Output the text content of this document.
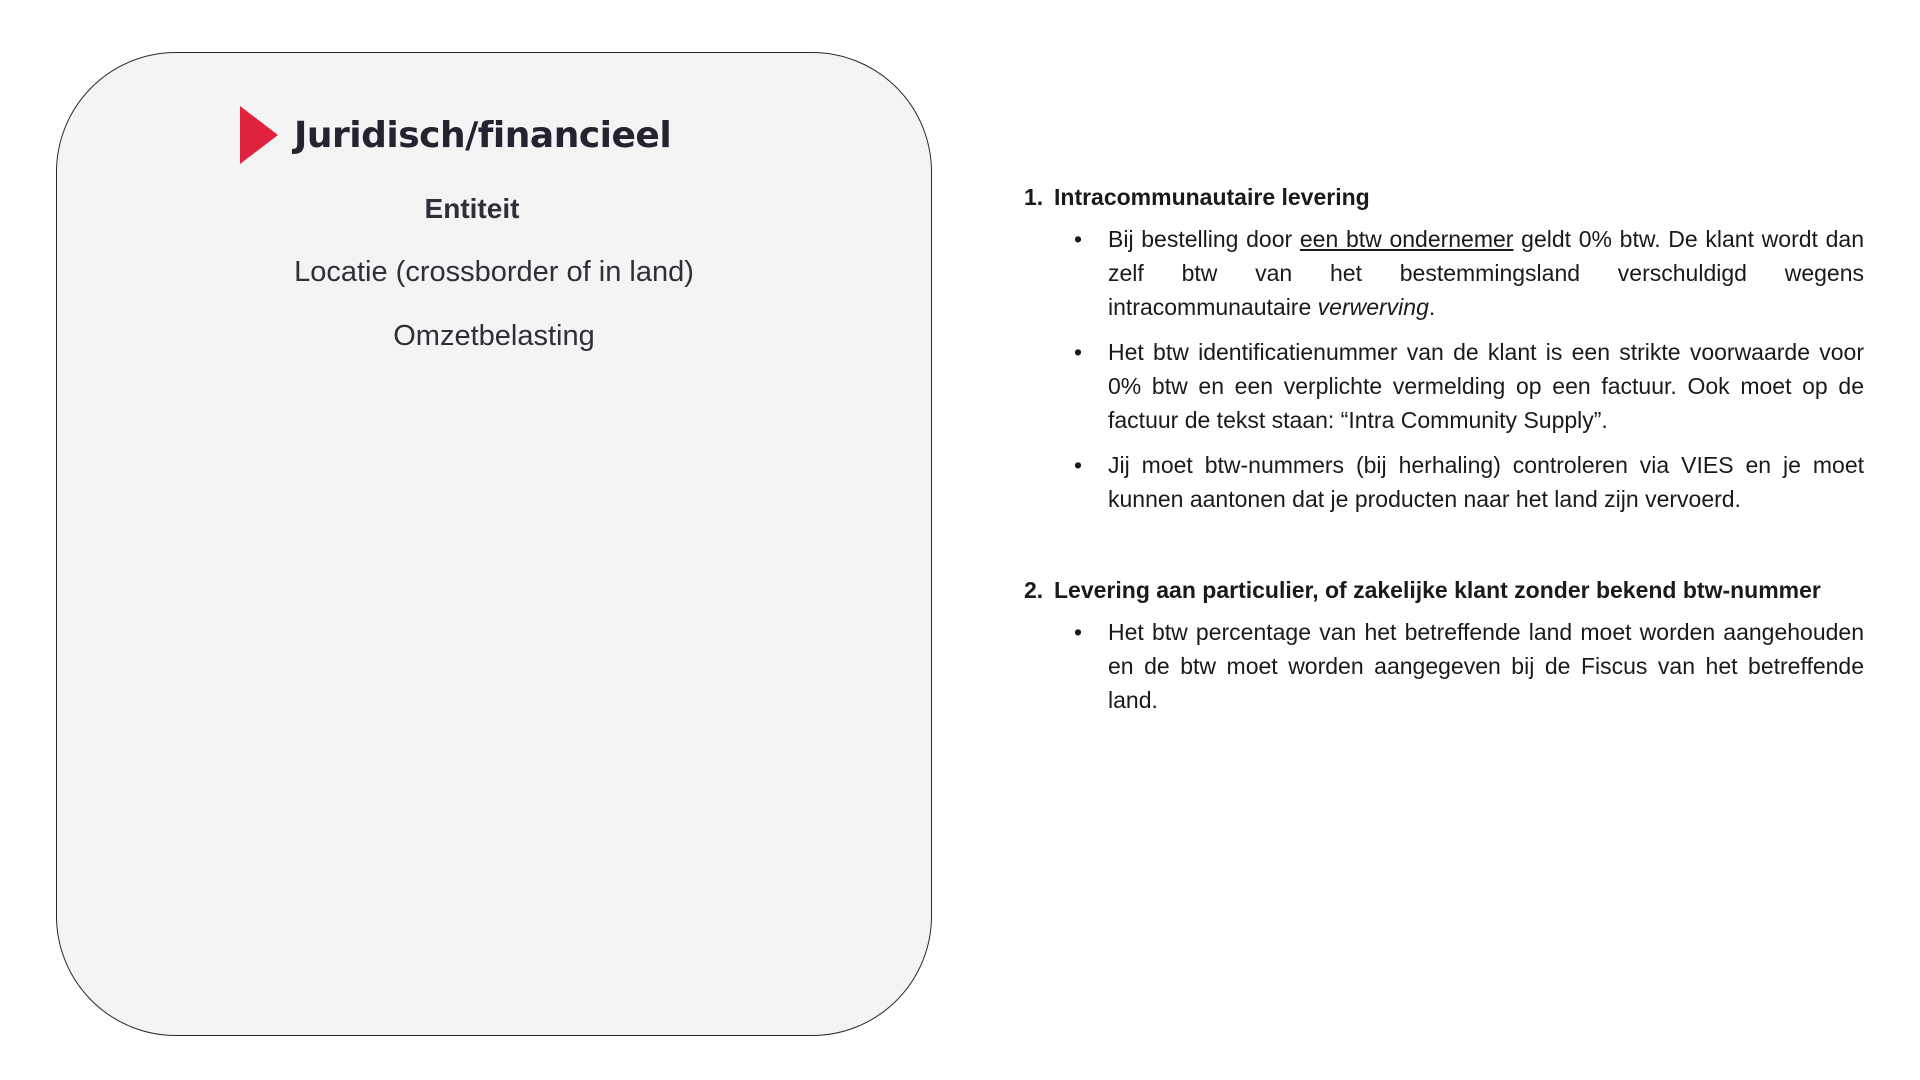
Juridisch/financieel
Entiteit
Locatie (crossborder of in land)
Omzetbelasting
1. Intracommunautaire levering
• Bij bestelling door een btw ondernemer geldt 0% btw. De klant wordt dan zelf btw van het bestemmingsland verschuldigd wegens intracommunautaire verwerving.
• Het btw identificatienummer van de klant is een strikte voorwaarde voor 0% btw en een verplichte vermelding op een factuur. Ook moet op de factuur de tekst staan: “Intra Community Supply”.
• Jij moet btw-nummers (bij herhaling) controleren via VIES en je moet kunnen aantonen dat je producten naar het land zijn vervoerd.
2. Levering aan particulier, of zakelijke klant zonder bekend btw-nummer
• Het btw percentage van het betreffende land moet worden aangehouden en de btw moet worden aangegeven bij de Fiscus van het betreffende land.
